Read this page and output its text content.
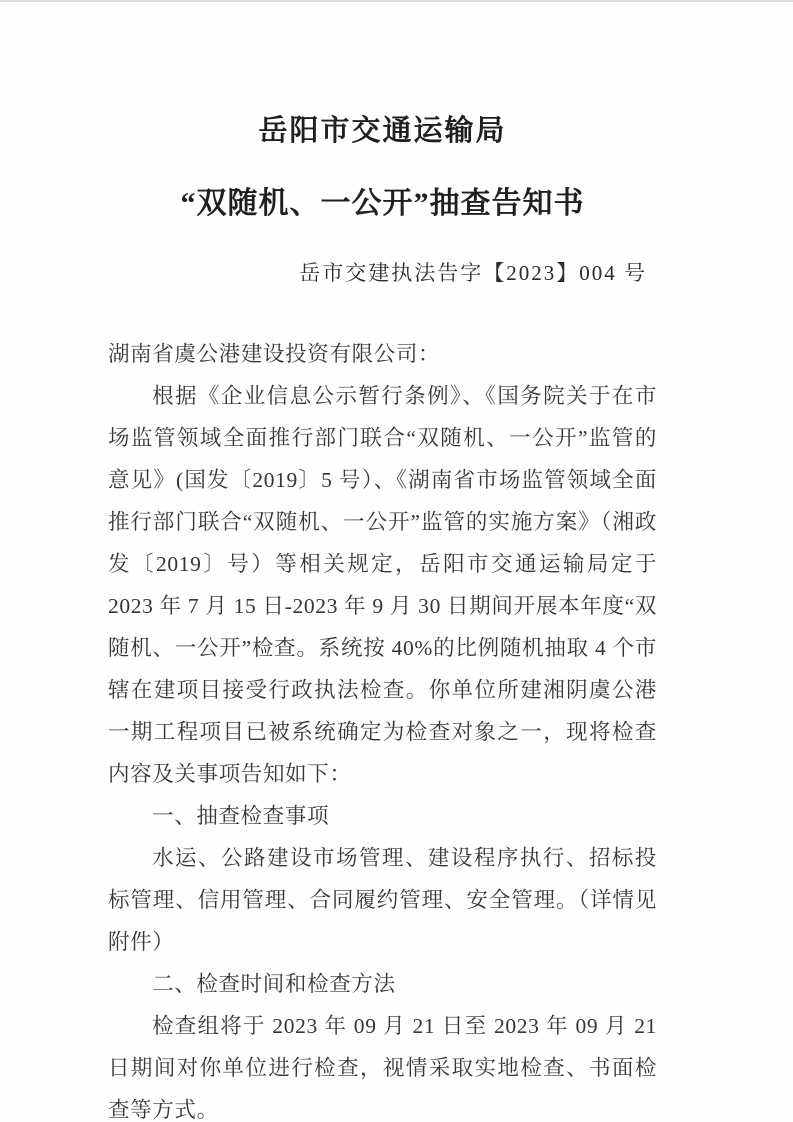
岳阳市交通运输局
“双随机、一公开”抽查告知书
岳市交建执法告字【2023】004 号

湖南省虞公港建设投资有限公司：

根据《企业信息公示暂行条例》、《国务院关于在市场监管领域全面推行部门联合“双随机、一公开”监管的意见》(国发〔2019〕5 号）、《湖南省市场监管领域全面推行部门联合“双随机、一公开”监管的实施方案》（湘政发〔2019〕号）等相关规定，岳阳市交通运输局定于 2023 年 7 月 15 日-2023 年 9 月 30 日期间开展本年度“双随机、一公开”检查。系统按 40%的比例随机抽取 4 个市辖在建项目接受行政执法检查。你单位所建湘阴虞公港一期工程项目已被系统确定为检查对象之一，现将检查内容及关事项告知如下：

一、抽查检查事项

水运、公路建设市场管理、建设程序执行、招标投标管理、信用管理、合同履约管理、安全管理。（详情见附件）

二、检查时间和检查方法

检查组将于 2023 年 09 月 21 日至 2023 年 09 月 21 日期间对你单位进行检查，视情采取实地检查、书面检查等方式。
